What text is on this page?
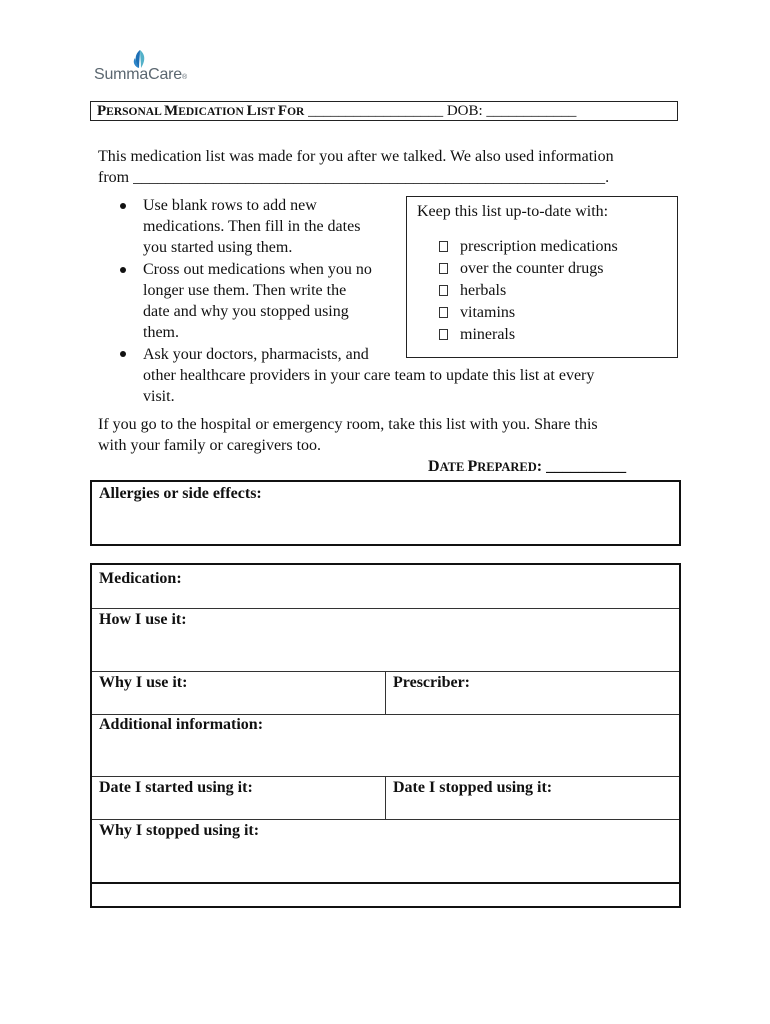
SummaCare®
PERSONAL MEDICATION LIST FOR __________________ DOB: ____________
This medication list was made for you after we talked. We also used information
from ___________________________________________________________.
Use blank rows to add new
medications. Then fill in the dates
you started using them.
Cross out medications when you no
longer use them. Then write the
date and why you stopped using
them.
Ask your doctors, pharmacists, and
other healthcare providers in your care team to update this list at every
visit.
Keep this list up-to-date with:
prescription medications
over the counter drugs
herbals
vitamins
minerals
If you go to the hospital or emergency room, take this list with you. Share this
with your family or caregivers too.
DATE PREPARED: __________
Allergies or side effects:
Medication:
How I use it:
Why I use it:	Prescriber:
Additional information:
Date I started using it:	Date I stopped using it:
Why I stopped using it:
